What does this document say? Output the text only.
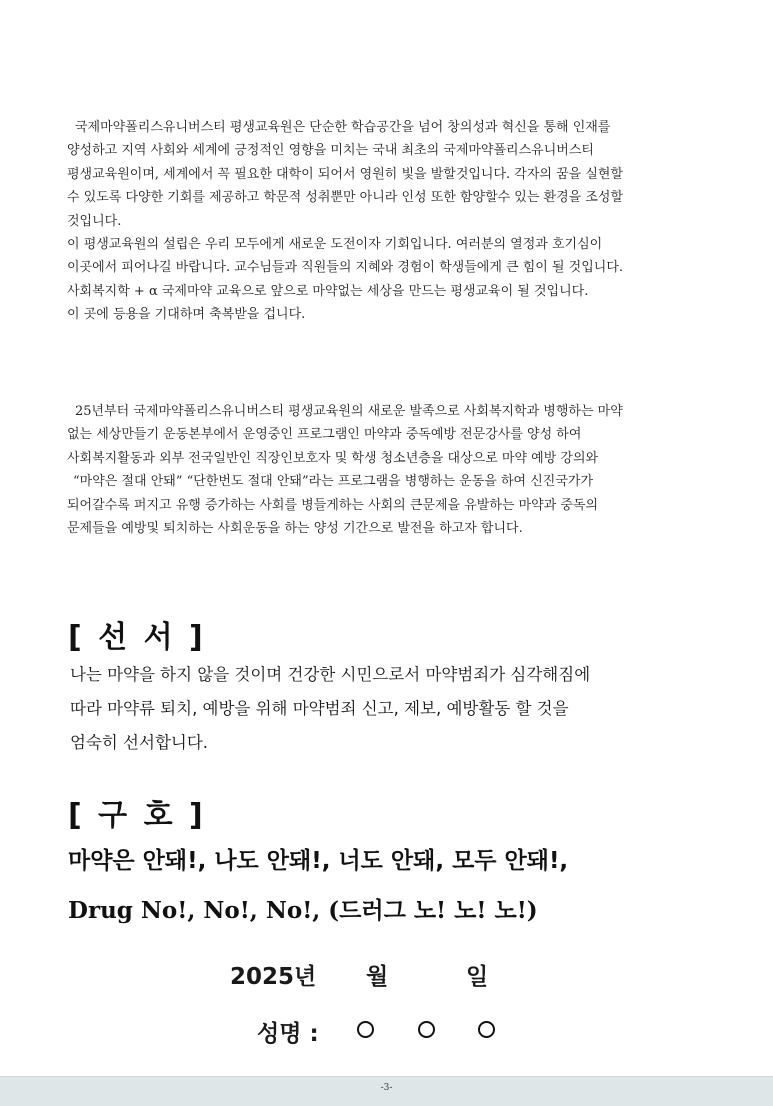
국제마약폴리스유니버스티 평생교육원은 단순한 학습공간을 넘어 창의성과 혁신을 통해 인재를
양성하고 지역 사회와 세계에 긍정적인 영향을 미치는 국내 최초의 국제마약폴리스유니버스티
평생교육원이며, 세계에서 꼭 필요한 대학이 되어서 영원히 빛을 발할것입니다. 각자의 꿈을 실현할
수 있도록 다양한 기회를 제공하고 학문적 성취뿐만 아니라 인성 또한 함양할수 있는 환경을 조성할
것입니다.
이 평생교육원의 설립은 우리 모두에게 새로운 도전이자 기회입니다. 여러분의 열정과 호기심이
이곳에서 피어나길 바랍니다. 교수님들과 직원들의 지혜와 경험이 학생들에게 큰 힘이 될 것입니다.
사회복지학 + α 국제마약 교육으로 앞으로 마약없는 세상을 만드는 평생교육이 될 것입니다.
이 곳에 등용을 기대하며 축복받을 겁니다.
25년부터 국제마약폴리스유니버스티 평생교육원의 새로운 발족으로 사회복지학과 병행하는 마약
없는 세상만들기 운동본부에서 운영중인 프로그램인 마약과 중독예방 전문강사를 양성 하여
사회복지활동과 외부 전국일반인 직장인보호자 및 학생 청소년층을 대상으로 마약 예방 강의와
“마약은 절대 안돼” “단한번도 절대 안돼”라는 프로그램을 병행하는 운동을 하여 신진국가가
되어갈수록 퍼지고 유행 증가하는 사회를 병들게하는 사회의 큰문제을 유발하는 마약과 중독의
문제들을 예방및 퇴치하는 사회운동을 하는 양성 기간으로 발전을 하고자 합니다.
[ 선 서 ]
나는 마약을 하지 않을 것이며 건강한 시민으로서 마약범죄가 심각해짐에
따라 마약류 퇴치, 예방을 위해 마약범죄 신고, 제보, 예방활동 할 것을
엄숙히 선서합니다.
[ 구 호 ]
마약은 안돼!, 나도 안돼!, 너도 안돼, 모두 안돼!,
Drug No!, No!, No!, (드러그 노! 노! 노!)
2025년 월	일
성명 :
-3-
